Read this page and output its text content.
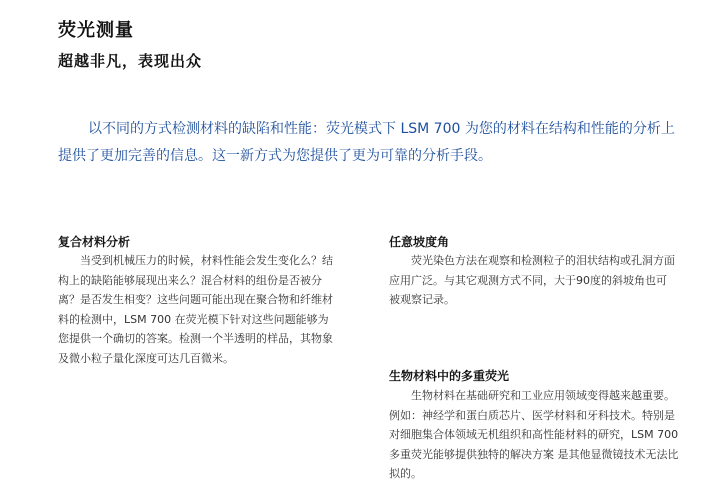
荧光测量
超越非凡，表现出众

以不同的方式检测材料的缺陷和性能：荧光模式下 LSM 700 为您的材料在结构和性能的分析上提供了更加完善的信息。这一新方式为您提供了更为可靠的分析手段。

复合材料分析

当受到机械压力的时候，材料性能会发生变化么？结构上的缺陷能够展现出来么？混合材料的组份是否被分离？是否发生相变？这些问题可能出现在聚合物和纤维材料的检测中，LSM 700 在荧光模下针对这些问题能够为您提供一个确切的答案。检测一个半透明的样品，其物象及微小粒子量化深度可达几百微米。

任意坡度角

荧光染色方法在观察和检测粒子的泪状结构或孔洞方面应用广泛。与其它观测方式不同，大于90度的斜坡角也可被观察记录。

生物材料中的多重荧光

生物材料在基础研究和工业应用领域变得越来越重要。例如：神经学和蛋白质芯片、医学材料和牙科技术。特别是对细胞集合体领域无机组织和高性能材料的研究，LSM 700 多重荧光能够提供独特的解决方案 是其他显微镜技术无法比拟的。
